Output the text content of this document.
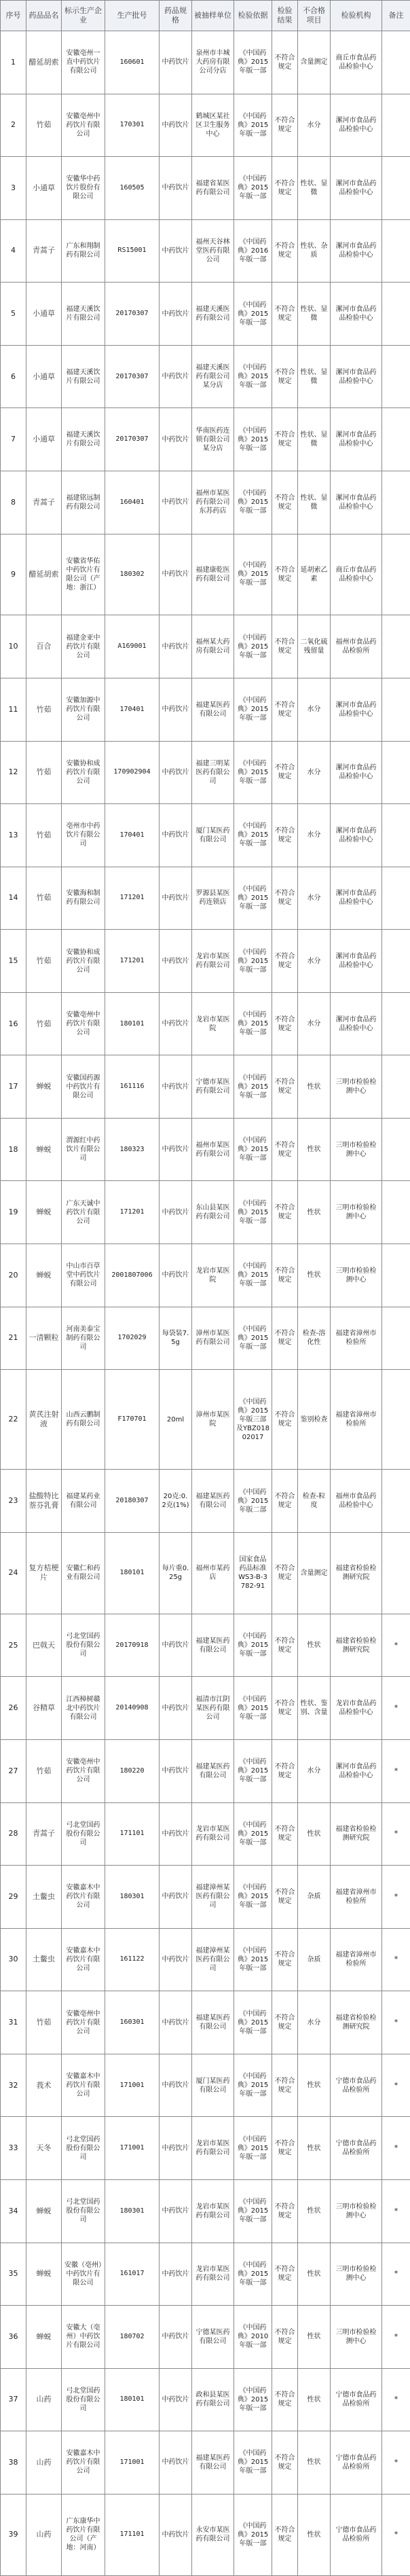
序号	药品品名	标示生产企业	生产批号	药品规格	被抽样单位	检验依据	检验结果	不合格项目	检验机构	备注
1	醋延胡索	安徽亳州一直中药饮片有限公司	160601	中药饮片	泉州市丰城大药房有限公司分店	《中国药典》2015年版一部	不符合规定	含量测定	商丘市食品药品检验中心	
2	竹茹	安徽亳州中药饮片有限公司	170301	中药饮片	鹤城区某社区卫生服务中心	《中国药典》2015年版一部	不符合规定	水分	漯河市食品药品检验中心	
3	小通草	安徽华中药饮片股份有限公司	160505	中药饮片	福建省某医药有限公司	《中国药典》2015年版一部	不符合规定	性状、显微	漯河市食品药品检验中心	
4	青蒿子	广东和翔制药有限公司	RS15001	中药饮片	福州天谷林堂医药有限公司	《中国药典》2016年版一部	不符合规定	性状、杂质	漯河市食品药品检验中心	
5	小通草	福建天溪饮片有限公司	20170307	中药饮片	福建天溪医药有限公司	《中国药典》2015年版一部	不符合规定	性状、显微	漯河市食品药品检验中心	
6	小通草	福建天溪饮片有限公司	20170307	中药饮片	福建天溪医药有限公司某分店	《中国药典》2015年版一部	不符合规定	性状、显微	漯河市食品药品检验中心	
7	小通草	福建天溪饮片有限公司	20170307	中药饮片	华南医药连锁有限公司某分店	《中国药典》2015年版一部	不符合规定	性状、显微	漯河市食品药品检验中心	
8	青蒿子	福建铭远制药有限公司	160401	中药饮片	福州市某医药有限公司东苏药店	《中国药典》2015年版一部	不符合规定	性状、显微	漯河市食品药品检验中心	
9	醋延胡索	安徽省华佑中药饮片有限公司（产地：浙江）	180302	中药饮片	福建康乾医药有限公司	《中国药典》2015年版一部	不符合规定	延胡索乙素	商丘市食品药品检验中心	
10	百合	福建金亚中药饮片有限公司	A169001	中药饮片	福州某大药房有限公司	《中国药典》2015年版一部	不符合规定	二氧化硫残留量	福州市食品药品检验所	
11	竹茹	安徽加源中药饮片有限公司	170401	中药饮片	福建某医药有限公司	《中国药典》2015年版一部	不符合规定	水分	漯河市食品药品检验中心	
12	竹茹	安徽协和成药饮片有限公司	170902904	中药饮片	福建三明某医药有限公司	《中国药典》2015年版一部	不符合规定	水分	漯河市食品药品检验中心	
13	竹茹	亳州市中药饮片有限公司	170401	中药饮片	厦门某医药有限公司	《中国药典》2015年版一部	不符合规定	水分	漯河市食品药品检验中心	
14	竹茹	安徽海和制药有限公司	171201	中药饮片	罗源县某医药连锁店	《中国药典》2015年版一部	不符合规定	水分	漯河市食品药品检验中心	
15	竹茹	安徽协和成药饮片有限公司	171201	中药饮片	龙岩市某医药有限公司	《中国药典》2015年版一部	不符合规定	水分	漯河市食品药品检验中心	
16	竹茹	安徽亳州中药饮片有限公司	180101	中药饮片	龙岩市某医院	《中国药典》2015年版一部	不符合规定	水分	漯河市食品药品检验中心	
17	蝉蜕	安徽国药源中药饮片有限公司	161116	中药饮片	宁德市某医药有限公司	《中国药典》2015年版一部	不符合规定	性状	三明市检验检测中心	
18	蝉蜕	渭源红中药饮片有限公司	180323	中药饮片	福州市某医药有限公司	《中国药典》2015年版一部	不符合规定	性状	三明市检验检测中心	
19	蝉蜕	广东天诚中药饮片有限公司	171201	中药饮片	东山县某医药有限公司	《中国药典》2015年版一部	不符合规定	性状	三明市检验检测中心	
20	蝉蜕	中山市百草堂中药饮片有限公司	2001807006	中药饮片	龙岩市某医院	《中国药典》2015年版一部	不符合规定	性状	三明市检验检测中心	
21	一清颗粒	河南美泰宝制药有限公司	1702029	每袋装7.5g	漳州市某医药有限公司	《中国药典》2015年版一部	不符合规定	检查-溶化性	福建省漳州市检验所	
22	黄芪注射液	山西云鹏制药有限公司	F170701	20ml	漳州市某医院	《中国药典》2015年版三部及YBZ01802017	不符合规定	鉴别检查	福建省漳州市检验所	
23	盐酸特比萘芬乳膏	福建某药业有限公司	20180307	20克:0.2克(1%)	福建某医药有限公司	《中国药典》2015年版二部	不符合规定	检查-粒度	福州市食品药品检验中心	
24	复方桔梗片	安徽仁和药业有限公司	180101	每片重0.25g	福州市某药店	国家食品药品标准WS3-B-3782-91	不符合规定	含量测定	福建省检验检测研究院	
25	巴戟天	弓北堂国药股份有限公司	20170918	中药饮片	福建某医药有限公司	《中国药典》2015年版一部	不符合规定	性状	福建省检验检测研究院	*
26	谷精草	江西樟树赣北中药饮片有限公司	20140908	中药饮片	福清市江阴某医药有限公司	《中国药典》2015年版一部	不符合规定	性状、鉴别、含量	龙岩市食品药品检验中心	*
27	竹茹	安徽亳州中药饮片有限公司	180220	中药饮片	福建某医药有限公司	《中国药典》2015年版一部	不符合规定	水分	漯河市食品药品检验中心	*
28	青蒿子	弓北堂国药股份有限公司	171101	中药饮片	龙岩市某医药有限公司	《中国药典》2015年版一部	不符合规定	性状	福建省检验检测研究院	*
29	土鳖虫	安徽嘉木中药饮片有限公司	180301	中药饮片	福建漳州某医药有限公司	《中国药典》2015年版一部	不符合规定	杂质	福建省漳州市检验所	*
30	土鳖虫	安徽嘉木中药饮片有限公司	161122	中药饮片	福建漳州某医药有限公司	《中国药典》2015年版一部	不符合规定	杂质	福建省漳州市检验所	*
31	竹茹	安徽亳州中药饮片有限公司	160301	中药饮片	福建某医药有限公司	《中国药典》2015年版一部	不符合规定	水分	福建省检验检测研究院	*
32	莪术	安徽嘉木中药饮片有限公司	171001	中药饮片	厦门某医药有限公司	《中国药典》2015年版一部	不符合规定	性状	宁德市食品药品检验所	*
33	天冬	弓北堂国药股份有限公司	171001	中药饮片	龙岩市某医药有限公司	《中国药典》2015年版一部	不符合规定	性状	宁德市食品药品检验所	*
34	蝉蜕	弓北堂国药股份有限公司	180301	中药饮片	龙岩市某医药有限公司	《中国药典》2015年版一部	不符合规定	性状	三明市检验检测中心	*
35	蝉蜕	安徽（亳州）中药饮片有限公司	161017	中药饮片	龙岩市某医药有限公司	《中国药典》2015年版一部	不符合规定	性状	三明市检验检测中心	*
36	蝉蜕	安徽大（亳州）中药饮片有限公司	180702	中药饮片	宁德某医药有限公司	《中国药典》2010年版一部	不符合规定	性状	三明市检验检测中心	*
37	山药	弓北堂国药股份有限公司	180101	中药饮片	政和县某医药有限公司	《中国药典》2015年版一部	不符合规定	性状	宁德市食品药品检验所	*
38	山药	安徽嘉木中药饮片有限公司	171001	中药饮片	福建某医药有限公司	《中国药典》2015年版一部	不符合规定	性状	宁德市食品药品检验所	*
39	山药	广东康华中药饮片有限公司（产地：河南）	171101	中药饮片	永安市某医药有限公司	《中国药典》2015年版一部	不符合规定	性状	宁德市食品药品检验所	*
